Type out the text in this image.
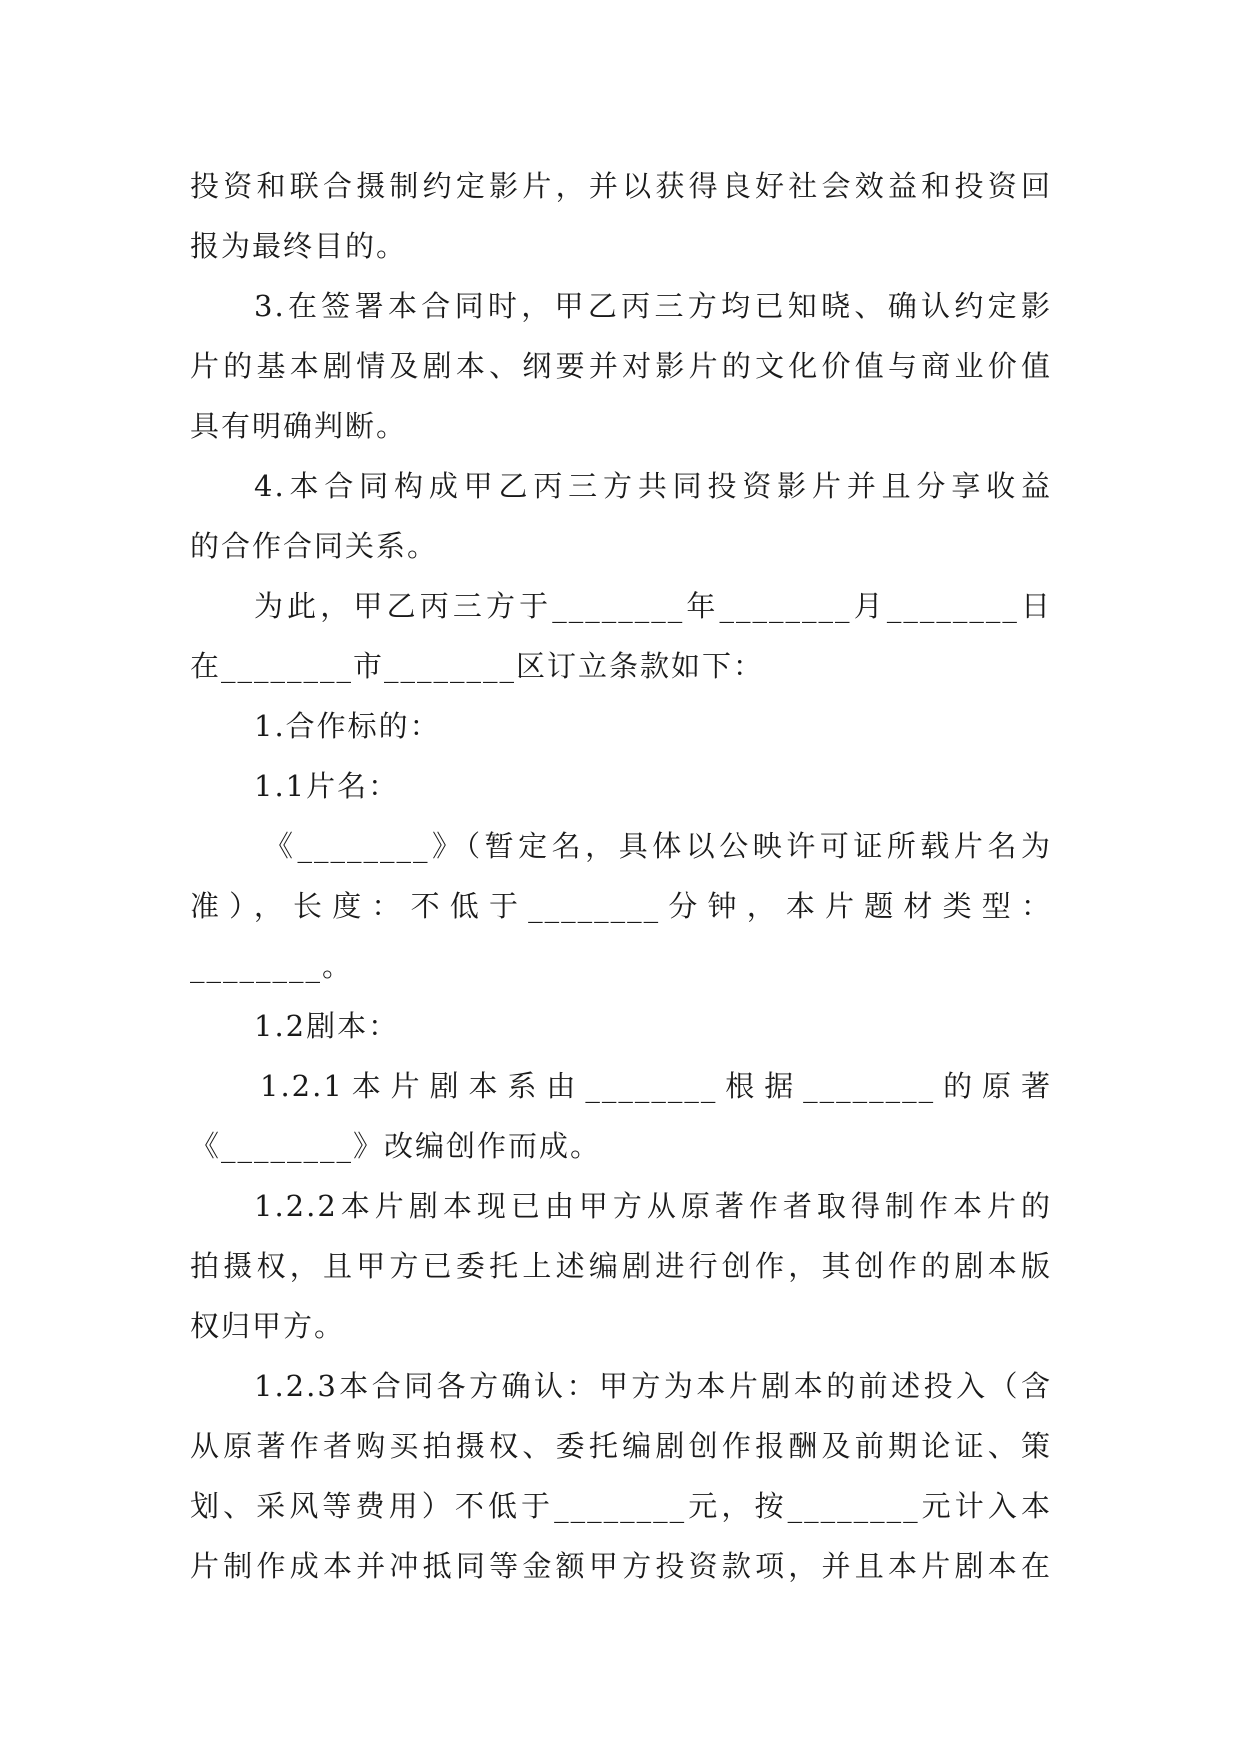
投资和联合摄制约定影片，并以获得良好社会效益和投资回
报为最终目的。
3.在签署本合同时，甲乙丙三方均已知晓、确认约定影
片的基本剧情及剧本、纲要并对影片的文化价值与商业价值
具有明确判断。
4.本合同构成甲乙丙三方共同投资影片并且分享收益
的合作合同关系。
为此，甲乙丙三方于________年________月________日
在________市________区订立条款如下：
1.合作标的：
1.1片名：
《________》（暂定名，具体以公映许可证所载片名为
准），长度：不低于________分钟，本片题材类型：
________。
1.2剧本：
1.2.1本片剧本系由________根据________的原著
《________》改编创作而成。
1.2.2本片剧本现已由甲方从原著作者取得制作本片的
拍摄权，且甲方已委托上述编剧进行创作，其创作的剧本版
权归甲方。
1.2.3本合同各方确认：甲方为本片剧本的前述投入（含
从原著作者购买拍摄权、委托编剧创作报酬及前期论证、策
划、采风等费用）不低于________元，按________元计入本
片制作成本并冲抵同等金额甲方投资款项，并且本片剧本在
